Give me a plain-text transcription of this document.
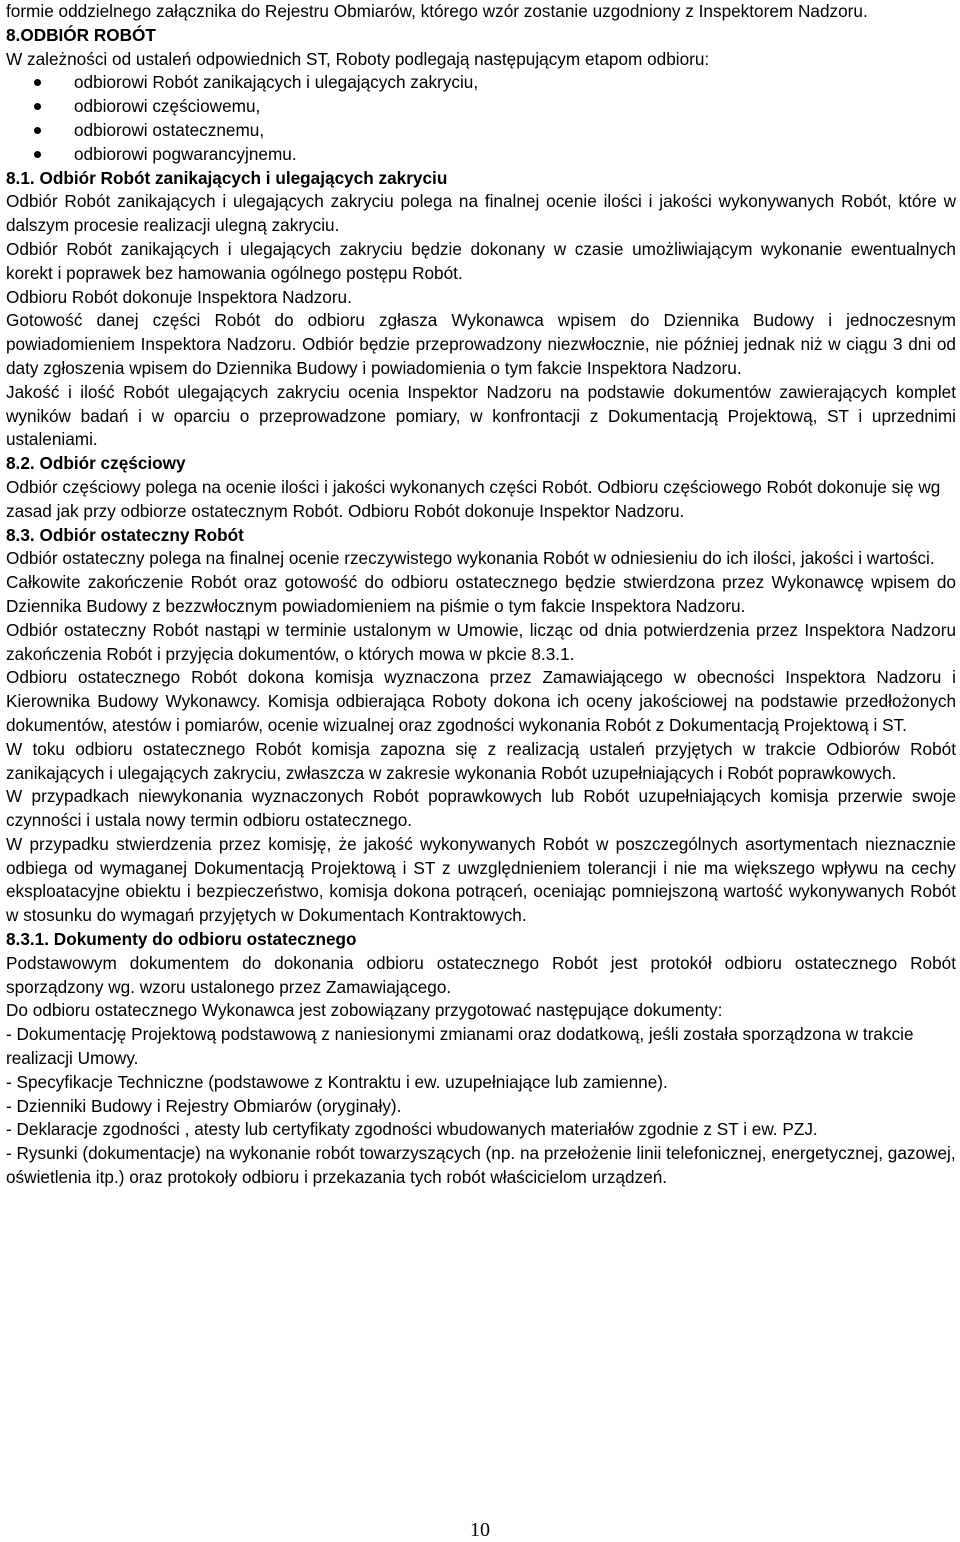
formie oddzielnego załącznika do Rejestru Obmiarów, którego wzór zostanie uzgodniony z Inspektorem Nadzoru.

8.ODBIÓR ROBÓT

W zależności od ustaleń odpowiednich ST, Roboty podlegają następującym etapom odbioru:

odbiorowi Robót zanikających i ulegających zakryciu,
odbiorowi częściowemu,
odbiorowi ostatecznemu,
odbiorowi pogwarancyjnemu.

8.1. Odbiór Robót zanikających i ulegających zakryciu

Odbiór Robót zanikających i ulegających zakryciu polega na finalnej ocenie ilości i jakości wykonywanych Robót, które w dalszym procesie realizacji ulegną zakryciu.

Odbiór Robót zanikających i ulegających zakryciu będzie dokonany w czasie umożliwiającym wykonanie ewentualnych korekt i poprawek bez hamowania ogólnego postępu Robót.

Odbioru Robót dokonuje Inspektora Nadzoru.

Gotowość danej części Robót do odbioru zgłasza Wykonawca wpisem do Dziennika Budowy i jednoczesnym powiadomieniem Inspektora Nadzoru. Odbiór będzie przeprowadzony niezwłocznie, nie później jednak niż w ciągu 3 dni od daty zgłoszenia wpisem do Dziennika Budowy i powiadomienia o tym fakcie Inspektora Nadzoru.

Jakość i ilość Robót ulegających zakryciu ocenia Inspektor Nadzoru na podstawie dokumentów zawierających komplet wyników badań i w oparciu o przeprowadzone pomiary, w konfrontacji z Dokumentacją Projektową, ST i uprzednimi ustaleniami.

8.2. Odbiór częściowy

Odbiór częściowy polega na ocenie ilości i jakości wykonanych części Robót. Odbioru częściowego Robót dokonuje się wg zasad jak przy odbiorze ostatecznym Robót. Odbioru Robót dokonuje Inspektor Nadzoru.

8.3. Odbiór ostateczny Robót

Odbiór ostateczny polega na finalnej ocenie rzeczywistego wykonania Robót w odniesieniu do ich ilości, jakości i wartości.

Całkowite zakończenie Robót oraz gotowość do odbioru ostatecznego będzie stwierdzona przez Wykonawcę wpisem do Dziennika Budowy z bezzwłocznym powiadomieniem na piśmie o tym fakcie Inspektora Nadzoru.

Odbiór ostateczny Robót nastąpi w terminie ustalonym w Umowie, licząc od dnia potwierdzenia przez Inspektora Nadzoru zakończenia Robót i przyjęcia dokumentów, o których mowa w pkcie 8.3.1.

Odbioru ostatecznego Robót dokona komisja wyznaczona przez Zamawiającego w obecności Inspektora Nadzoru i Kierownika Budowy Wykonawcy. Komisja odbierająca Roboty dokona ich oceny jakościowej na podstawie przedłożonych dokumentów, atestów i pomiarów, ocenie wizualnej oraz zgodności wykonania Robót z Dokumentacją Projektową i ST.

W toku odbioru ostatecznego Robót komisja zapozna się z realizacją ustaleń przyjętych w trakcie Odbiorów Robót zanikających i ulegających zakryciu, zwłaszcza w zakresie wykonania Robót uzupełniających i Robót poprawkowych.

W przypadkach niewykonania wyznaczonych Robót poprawkowych lub Robót uzupełniających komisja przerwie swoje czynności i ustala nowy termin odbioru ostatecznego.

W przypadku stwierdzenia przez komisję, że jakość wykonywanych Robót w poszczególnych asortymentach nieznacznie odbiega od wymaganej Dokumentacją Projektową i ST z uwzględnieniem tolerancji i nie ma większego wpływu na cechy eksploatacyjne obiektu i bezpieczeństwo, komisja dokona potrąceń, oceniając pomniejszoną wartość wykonywanych Robót w stosunku do wymagań przyjętych w Dokumentach Kontraktowych.

8.3.1. Dokumenty do odbioru ostatecznego

Podstawowym dokumentem do dokonania odbioru ostatecznego Robót jest protokół odbioru ostatecznego Robót sporządzony wg. wzoru ustalonego przez Zamawiającego.

Do odbioru ostatecznego Wykonawca jest zobowiązany przygotować następujące dokumenty:

- Dokumentację Projektową podstawową z naniesionymi zmianami oraz dodatkową, jeśli została sporządzona w trakcie realizacji Umowy.

- Specyfikacje Techniczne (podstawowe z Kontraktu i ew. uzupełniające lub zamienne).

- Dzienniki Budowy i Rejestry Obmiarów (oryginały).

- Deklaracje zgodności , atesty lub certyfikaty zgodności wbudowanych materiałów zgodnie z ST i ew. PZJ.

- Rysunki (dokumentacje) na wykonanie robót towarzyszących (np. na przełożenie linii telefonicznej, energetycznej, gazowej, oświetlenia itp.) oraz protokoły odbioru i przekazania tych robót właścicielom urządzeń.

10
